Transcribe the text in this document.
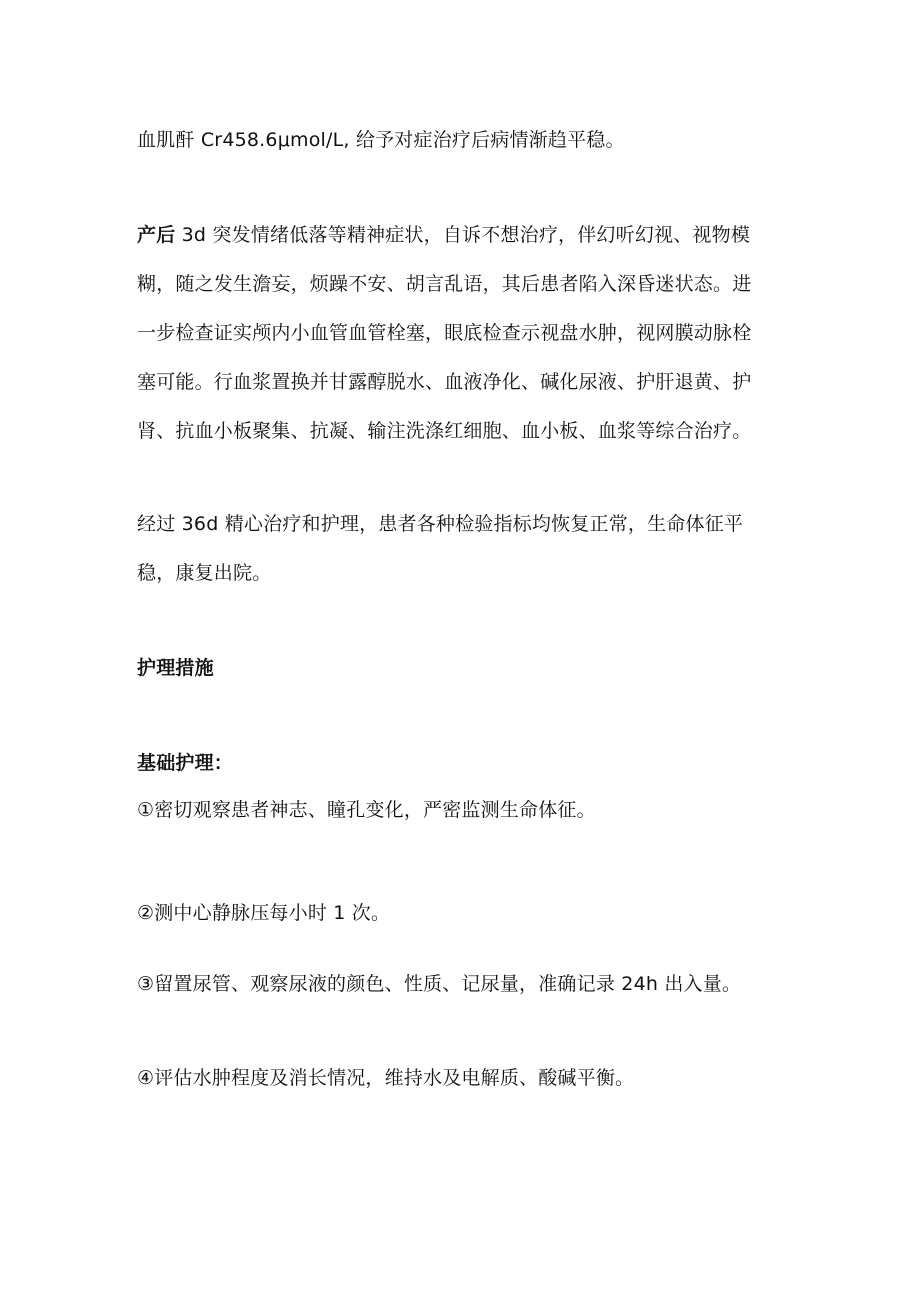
血肌酐 Cr458.6μmol/L, 给予对症治疗后病情渐趋平稳。
产后 3d 突发情绪低落等精神症状，自诉不想治疗，伴幻听幻视、视物模
糊，随之发生澹妄，烦躁不安、胡言乱语，其后患者陷入深昏迷状态。进
一步检查证实颅内小血管血管栓塞，眼底检查示视盘水肿，视网膜动脉栓
塞可能。行血浆置换并甘露醇脱水、血液净化、碱化尿液、护肝退黄、护
肾、抗血小板聚集、抗凝、输注洗涤红细胞、血小板、血浆等综合治疗。
经过 36d 精心治疗和护理，患者各种检验指标均恢复正常，生命体征平
稳，康复出院。
护理措施
基础护理：
①密切观察患者神志、瞳孔变化，严密监测生命体征。
②测中心静脉压每小时 1 次。
③留置尿管、观察尿液的颜色、性质、记尿量，准确记录 24h 出入量。
④评估水肿程度及消长情况，维持水及电解质、酸碱平衡。
